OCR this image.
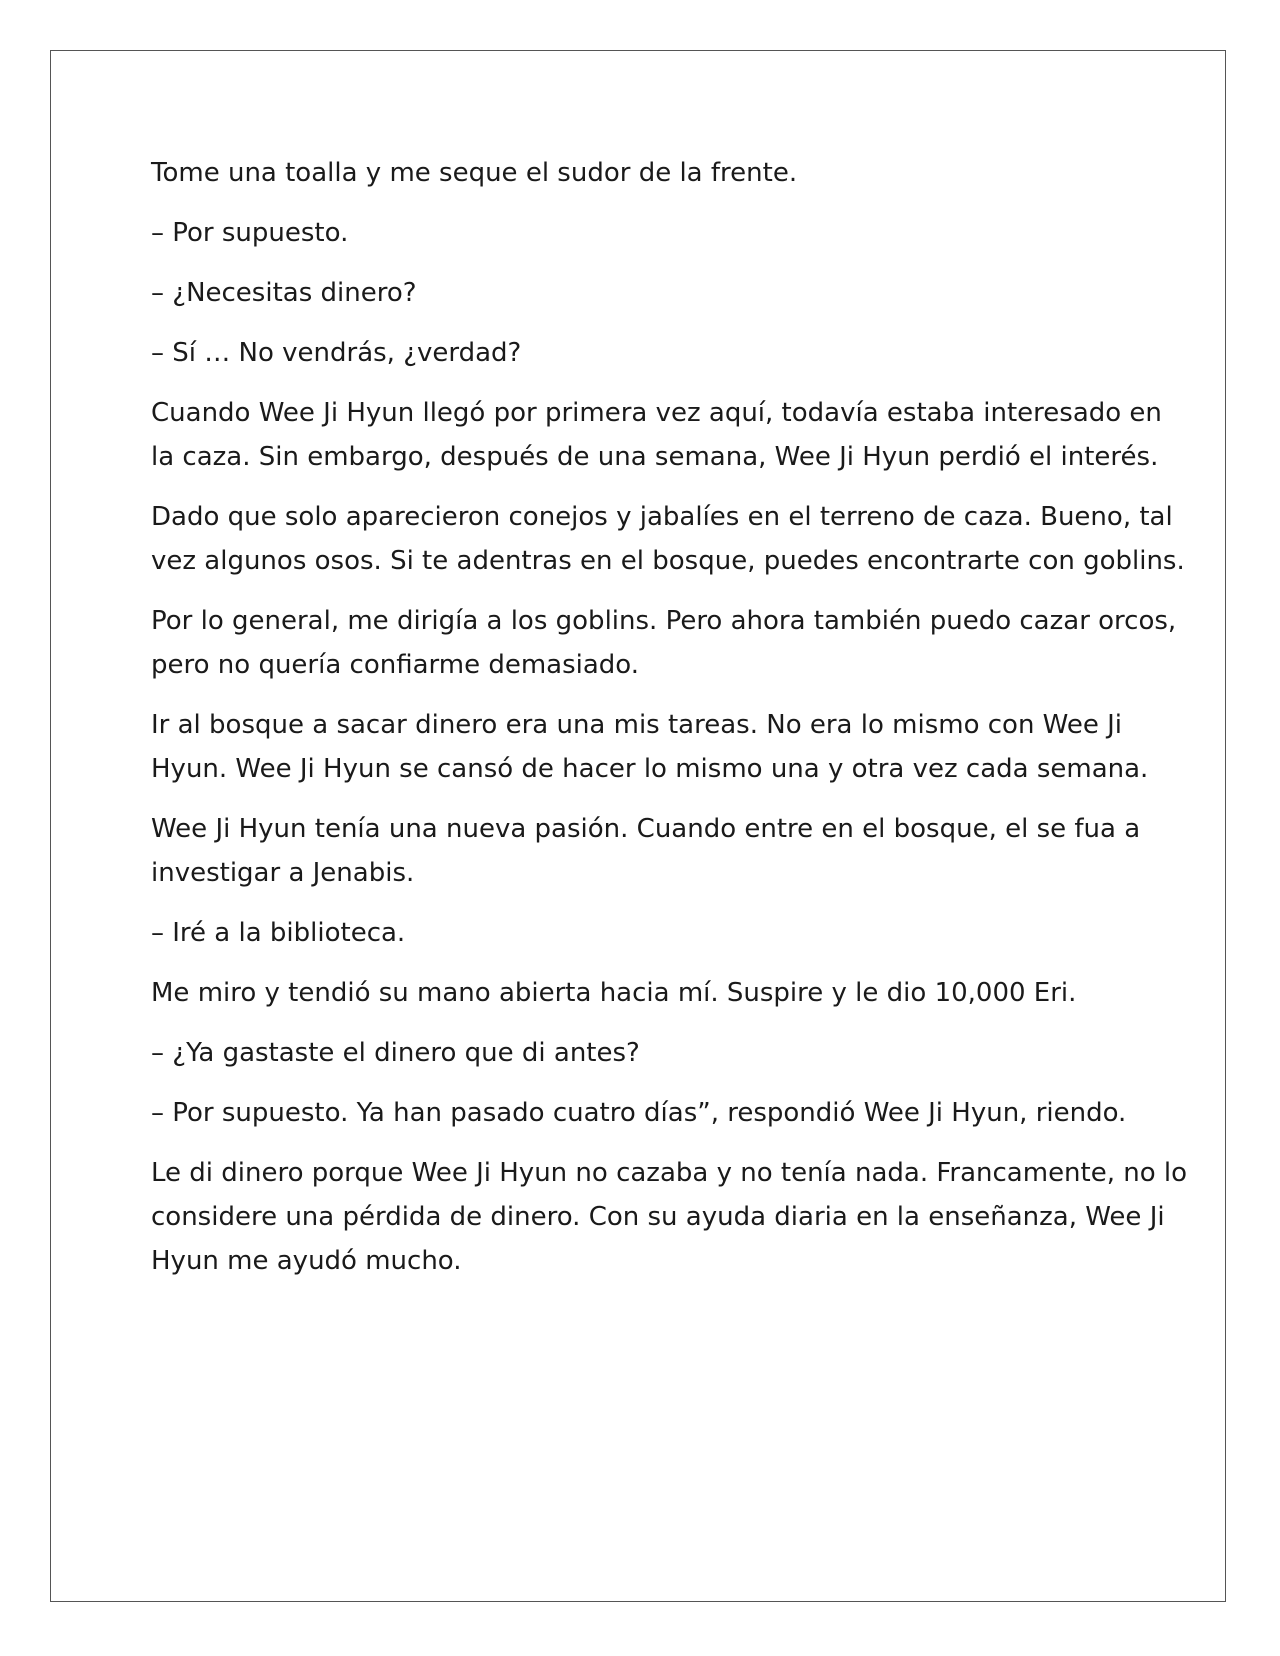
Tome una toalla y me seque el sudor de la frente.

– Por supuesto.

– ¿Necesitas dinero?

– Sí … No vendrás, ¿verdad?

Cuando Wee Ji Hyun llegó por primera vez aquí, todavía estaba interesado en la caza. Sin embargo, después de una semana, Wee Ji Hyun perdió el interés.

Dado que solo aparecieron conejos y jabalíes en el terreno de caza. Bueno, tal vez algunos osos. Si te adentras en el bosque, puedes encontrarte con goblins.

Por lo general, me dirigía a los goblins. Pero ahora también puedo cazar orcos, pero no quería confiarme demasiado.

Ir al bosque a sacar dinero era una mis tareas. No era lo mismo con Wee Ji Hyun. Wee Ji Hyun se cansó de hacer lo mismo una y otra vez cada semana.

Wee Ji Hyun tenía una nueva pasión. Cuando entre en el bosque, el se fua a investigar a Jenabis.

– Iré a la biblioteca.

Me miro y tendió su mano abierta hacia mí. Suspire y le dio 10,000 Eri.

– ¿Ya gastaste el dinero que di antes?

– Por supuesto. Ya han pasado cuatro días”, respondió Wee Ji Hyun, riendo.

Le di dinero porque Wee Ji Hyun no cazaba y no tenía nada. Francamente, no lo considere una pérdida de dinero. Con su ayuda diaria en la enseñanza, Wee Ji Hyun me ayudó mucho.
